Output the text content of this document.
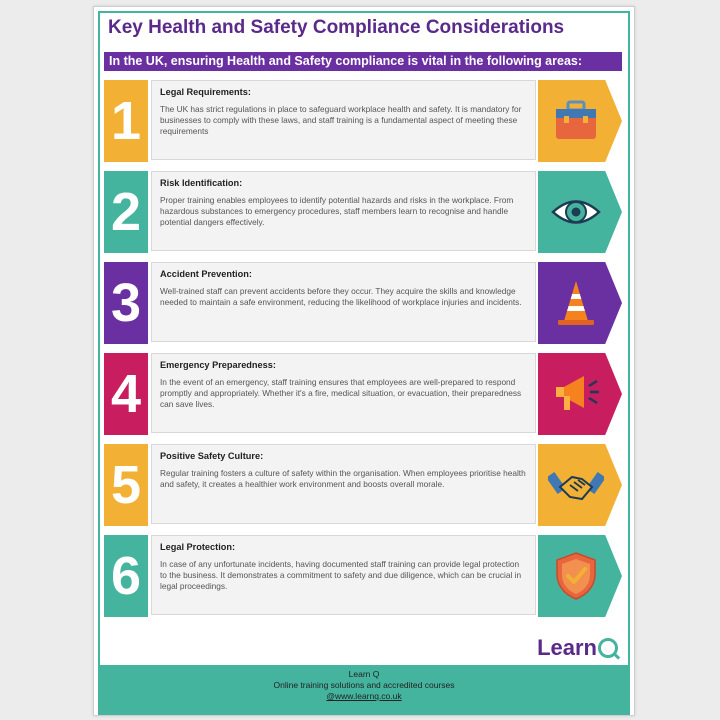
Key Health and Safety Compliance Considerations
In the UK, ensuring Health and Safety compliance is vital in the following areas:
1	Legal Requirements:

The UK has strict regulations in place to safeguard workplace health and safety. It is mandatory for businesses to comply with these laws, and staff training is a fundamental aspect of meeting these requirements

2	Risk Identification:

Proper training enables employees to identify potential hazards and risks in the workplace. From hazardous substances to emergency procedures, staff members learn to recognise and handle potential dangers effectively.

3	Accident Prevention:

Well-trained staff can prevent accidents before they occur. They acquire the skills and knowledge needed to maintain a safe environment, reducing the likelihood of workplace injuries and incidents.

4	Emergency Preparedness:

In the event of an emergency, staff training ensures that employees are well-prepared to respond promptly and appropriately. Whether it's a fire, medical situation, or evacuation, their preparedness can save lives.

5	Positive Safety Culture:

Regular training fosters a culture of safety within the organisation. When employees prioritise health and safety, it creates a healthier work environment and boosts overall morale.

6	Legal Protection:

In case of any unfortunate incidents, having documented staff training can provide legal protection to the business. It demonstrates a commitment to safety and due diligence, which can be crucial in legal proceedings.

Learn
Learn Q
Online training solutions and accredited courses
@www.learnq.co.uk
